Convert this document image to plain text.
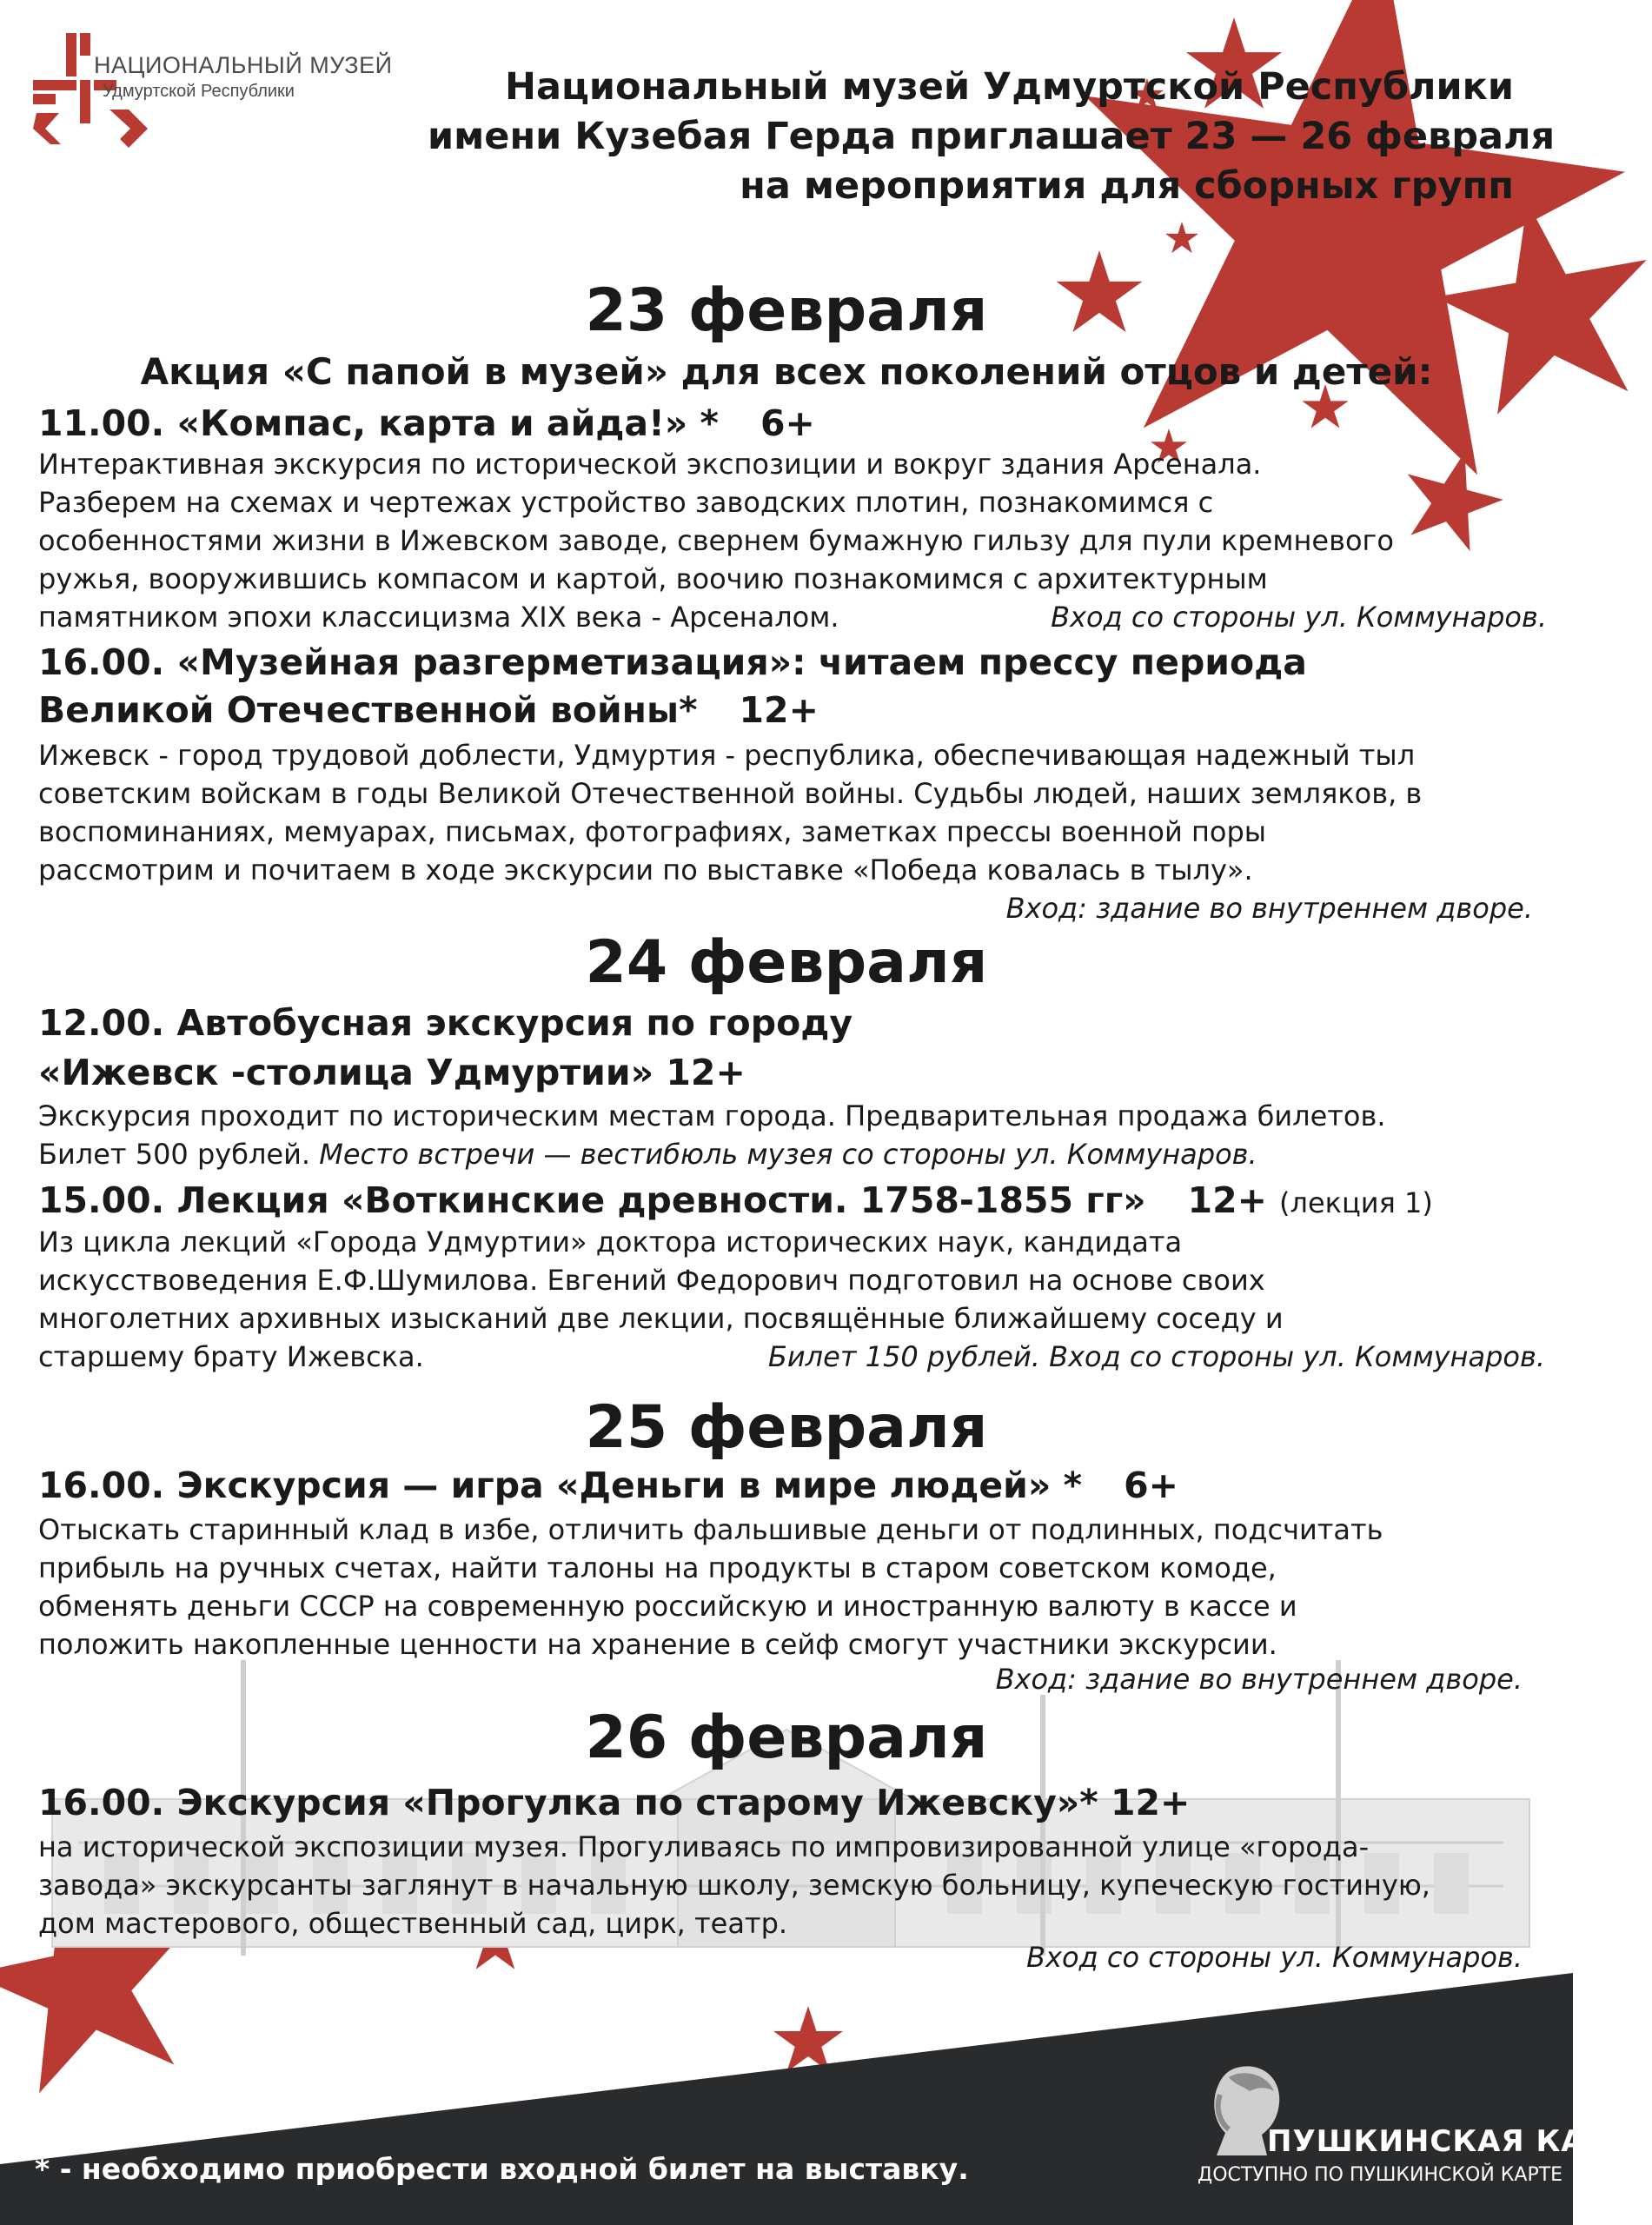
НАЦИОНАЛЬНЫЙ МУЗЕЙ
Удмуртской Республики	Национальный музей Удмуртской Республики
имени Кузебая Герда приглашает 23 — 26 февраля
на мероприятия для сборных групп
23 февраля
Акция «С папой в музей» для всех поколений отцов и детей:
11.00. «Компас, карта и айда!» * 6+
Интерактивная экскурсия по исторической экспозиции и вокруг здания Арсенала.
Разберем на схемах и чертежах устройство заводских плотин, познакомимся с
особенностями жизни в Ижевском заводе, свернем бумажную гильзу для пули кремневого
ружья, вооружившись компасом и картой, воочию познакомимся с архитектурным
памятником эпохи классицизма XIX века - Арсеналом.	Вход со стороны ул. Коммунаров.
16.00. «Музейная разгерметизация»: читаем прессу периода
Великой Отечественной войны* 12+
Ижевск - город трудовой доблести, Удмуртия - республика, обеспечивающая надежный тыл
советским войскам в годы Великой Отечественной войны. Судьбы людей, наших земляков, в
воспоминаниях, мемуарах, письмах, фотографиях, заметках прессы военной поры
рассмотрим и почитаем в ходе экскурсии по выставке «Победа ковалась в тылу».
Вход: здание во внутреннем дворе.
24 февраля
12.00. Автобусная экскурсия по городу
«Ижевск -столица Удмуртии» 12+
Экскурсия проходит по историческим местам города. Предварительная продажа билетов.
Билет 500 рублей. Место встречи — вестибюль музея со стороны ул. Коммунаров.
15.00. Лекция «Воткинские древности. 1758-1855 гг» 12+ (лекция 1)
Из цикла лекций «Города Удмуртии» доктора исторических наук, кандидата
искусствоведения Е.Ф.Шумилова. Евгений Федорович подготовил на основе своих
многолетних архивных изысканий две лекции, посвящённые ближайшему соседу и
старшему брату Ижевска.	Билет 150 рублей. Вход со стороны ул. Коммунаров.
25 февраля
16.00. Экскурсия — игра «Деньги в мире людей» * 6+
Отыскать старинный клад в избе, отличить фальшивые деньги от подлинных, подсчитать
прибыль на ручных счетах, найти талоны на продукты в старом советском комоде,
обменять деньги СССР на современную российскую и иностранную валюту в кассе и
положить накопленные ценности на хранение в сейф смогут участники экскурсии.
Вход: здание во внутреннем дворе.
26 февраля
16.00. Экскурсия «Прогулка по старому Ижевску»* 12+
на исторической экспозиции музея. Прогуливаясь по импровизированной улице «города-
завода» экскурсанты заглянут в начальную школу, земскую больницу, купеческую гостиную,
дом мастерового, общественный сад, цирк, театр.
Вход со стороны ул. Коммунаров.
* - необходимо приобрести входной билет на выставку.
ПУШКИНСКАЯ КАРТА
ДОСТУПНО ПО ПУШКИНСКОЙ КАРТЕ
